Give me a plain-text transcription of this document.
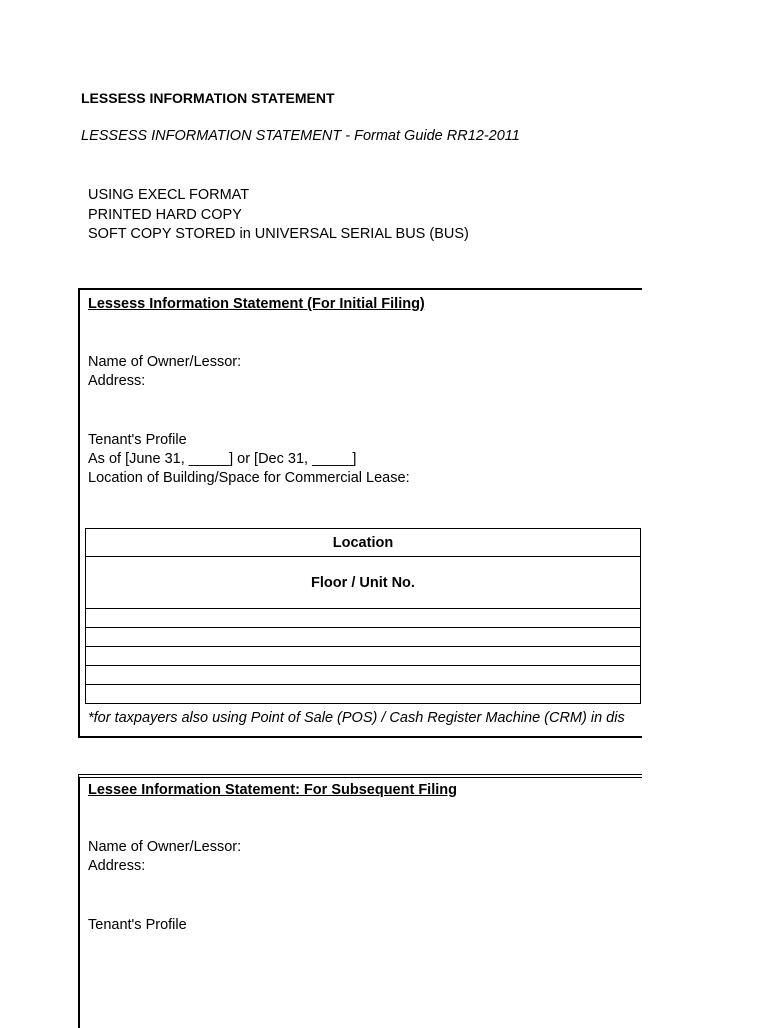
LESSESS INFORMATION STATEMENT
LESSESS INFORMATION STATEMENT - Format Guide RR12-2011
USING EXECL FORMAT
PRINTED HARD COPY
SOFT COPY STORED in UNIVERSAL SERIAL BUS (BUS)
Lessess Information Statement (For Initial Filing)
Name of Owner/Lessor:
Address:
Tenant's Profile
As of [June 31, _____] or [Dec 31, _____]
Location of Building/Space for Commercial Lease:
Location
Floor / Unit No.

*for taxpayers also using Point of Sale (POS) / Cash Register Machine (CRM) in dis
Lessee Information Statement: For Subsequent Filing
Name of Owner/Lessor:
Address:
Tenant's Profile
